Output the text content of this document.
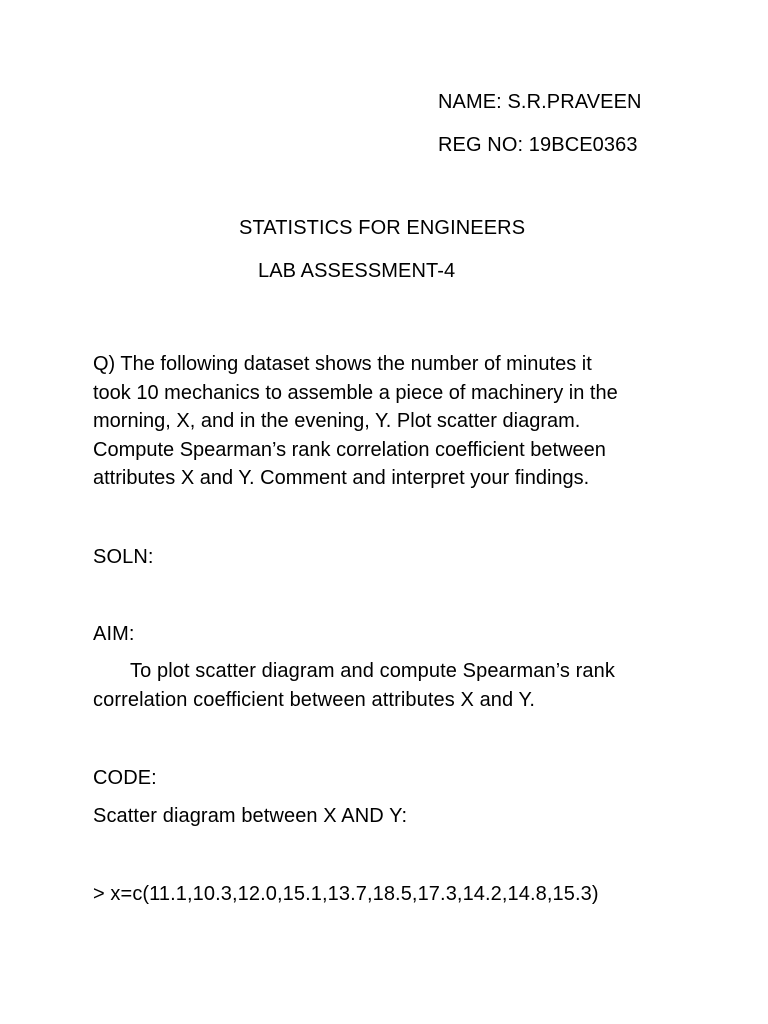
NAME: S.R.PRAVEEN
REG NO: 19BCE0363
STATISTICS FOR ENGINEERS
LAB ASSESSMENT-4
Q) The following dataset shows the number of minutes it
took 10 mechanics to assemble a piece of machinery in the
morning, X, and in the evening, Y. Plot scatter diagram.
Compute Spearman’s rank correlation coefficient between
attributes X and Y. Comment and interpret your findings.
SOLN:
AIM:
To plot scatter diagram and compute Spearman’s rank
correlation coefficient between attributes X and Y.
CODE:
Scatter diagram between X AND Y:
> x=c(11.1,10.3,12.0,15.1,13.7,18.5,17.3,14.2,14.8,15.3)
